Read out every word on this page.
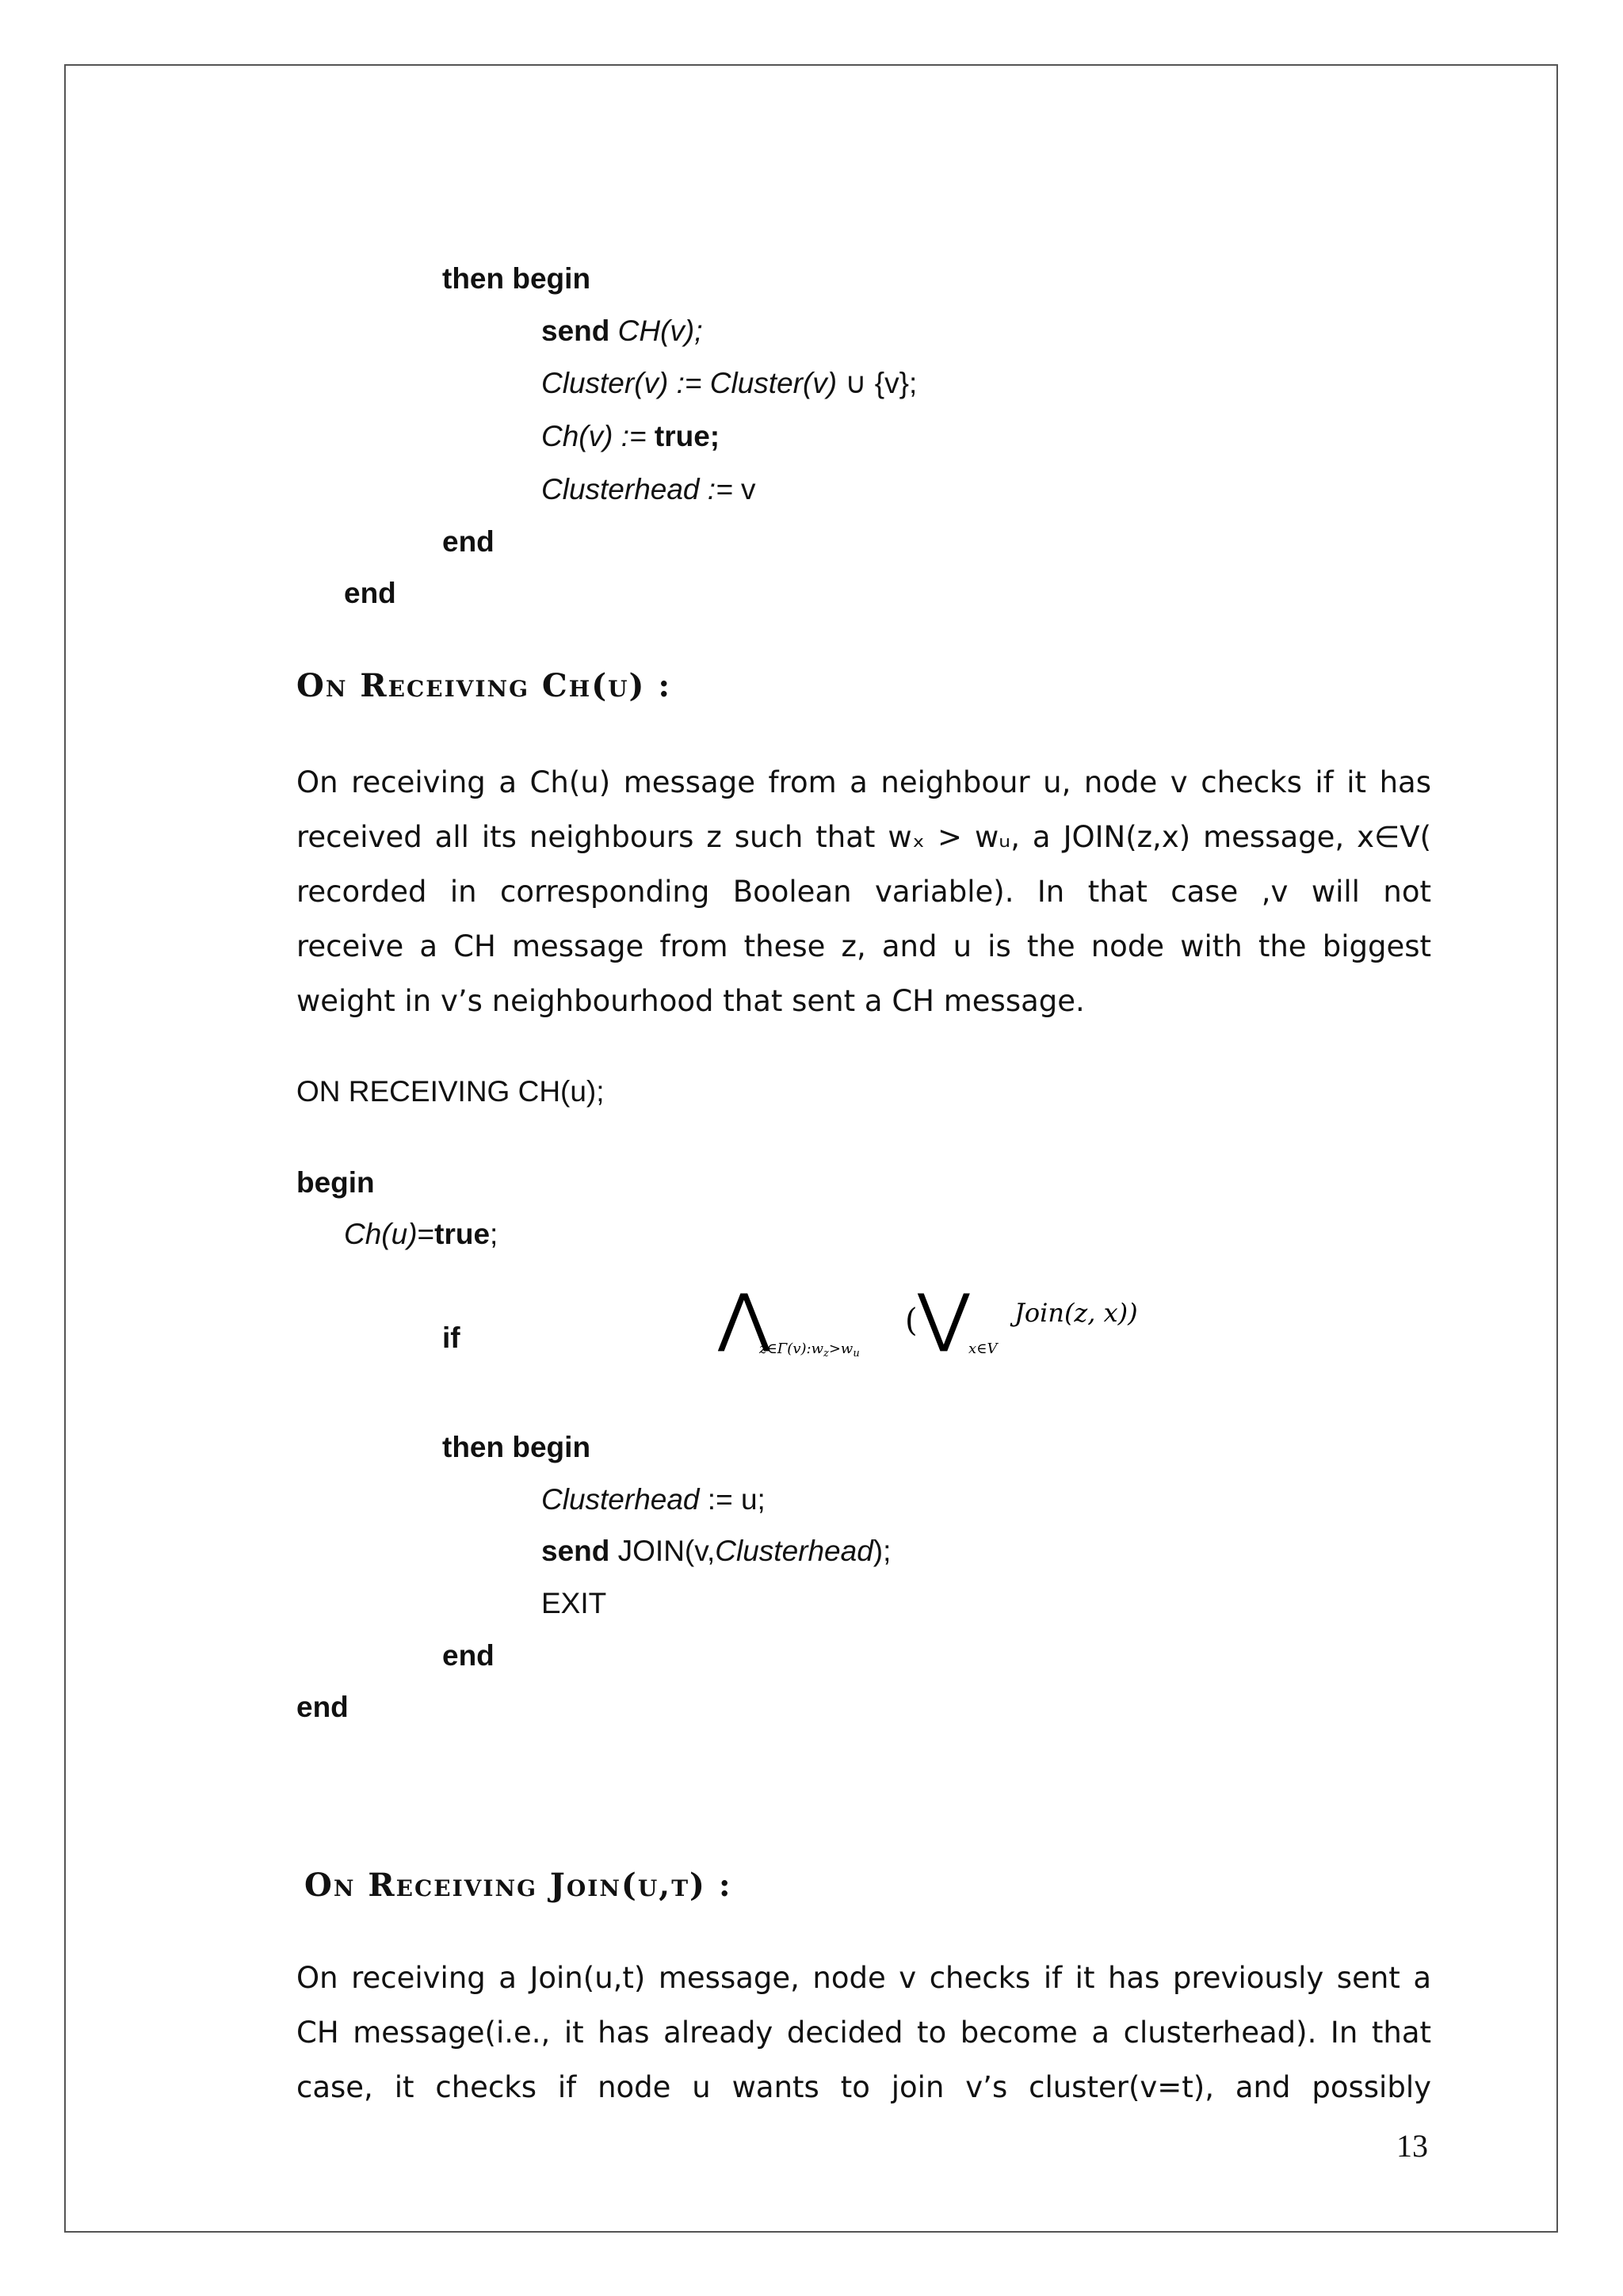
then begin
send CH(v);
Cluster(v) := Cluster(v) ∪ {v};
Ch(v) := true;
Clusterhead := v
end
end
On Receiving Ch(u) :
On receiving a Ch(u) message from a neighbour u, node v checks if it has
received all its neighbours z such that wₓ > wᵤ, a JOIN(z,x) message, x∈V(
recorded in corresponding Boolean variable). In that case ,v will not
receive a CH message from these z, and u is the node with the biggest
weight in v’s neighbourhood that sent a CH message.
ON RECEIVING CH(u);
begin
Ch(u)=true;
if	⋀
$z\in\Gamma(v):w_z>w_u$
( ⋁
x∈V
Join(z, x))
then begin
Clusterhead := u;
send JOIN(v,Clusterhead);
EXIT
end
end
On Receiving Join(u,t) :
On receiving a Join(u,t) message, node v checks if it has previously sent a
CH message(i.e., it has already decided to become a clusterhead). In that
case, it checks if node u wants to join v’s cluster(v=t), and possibly
13
